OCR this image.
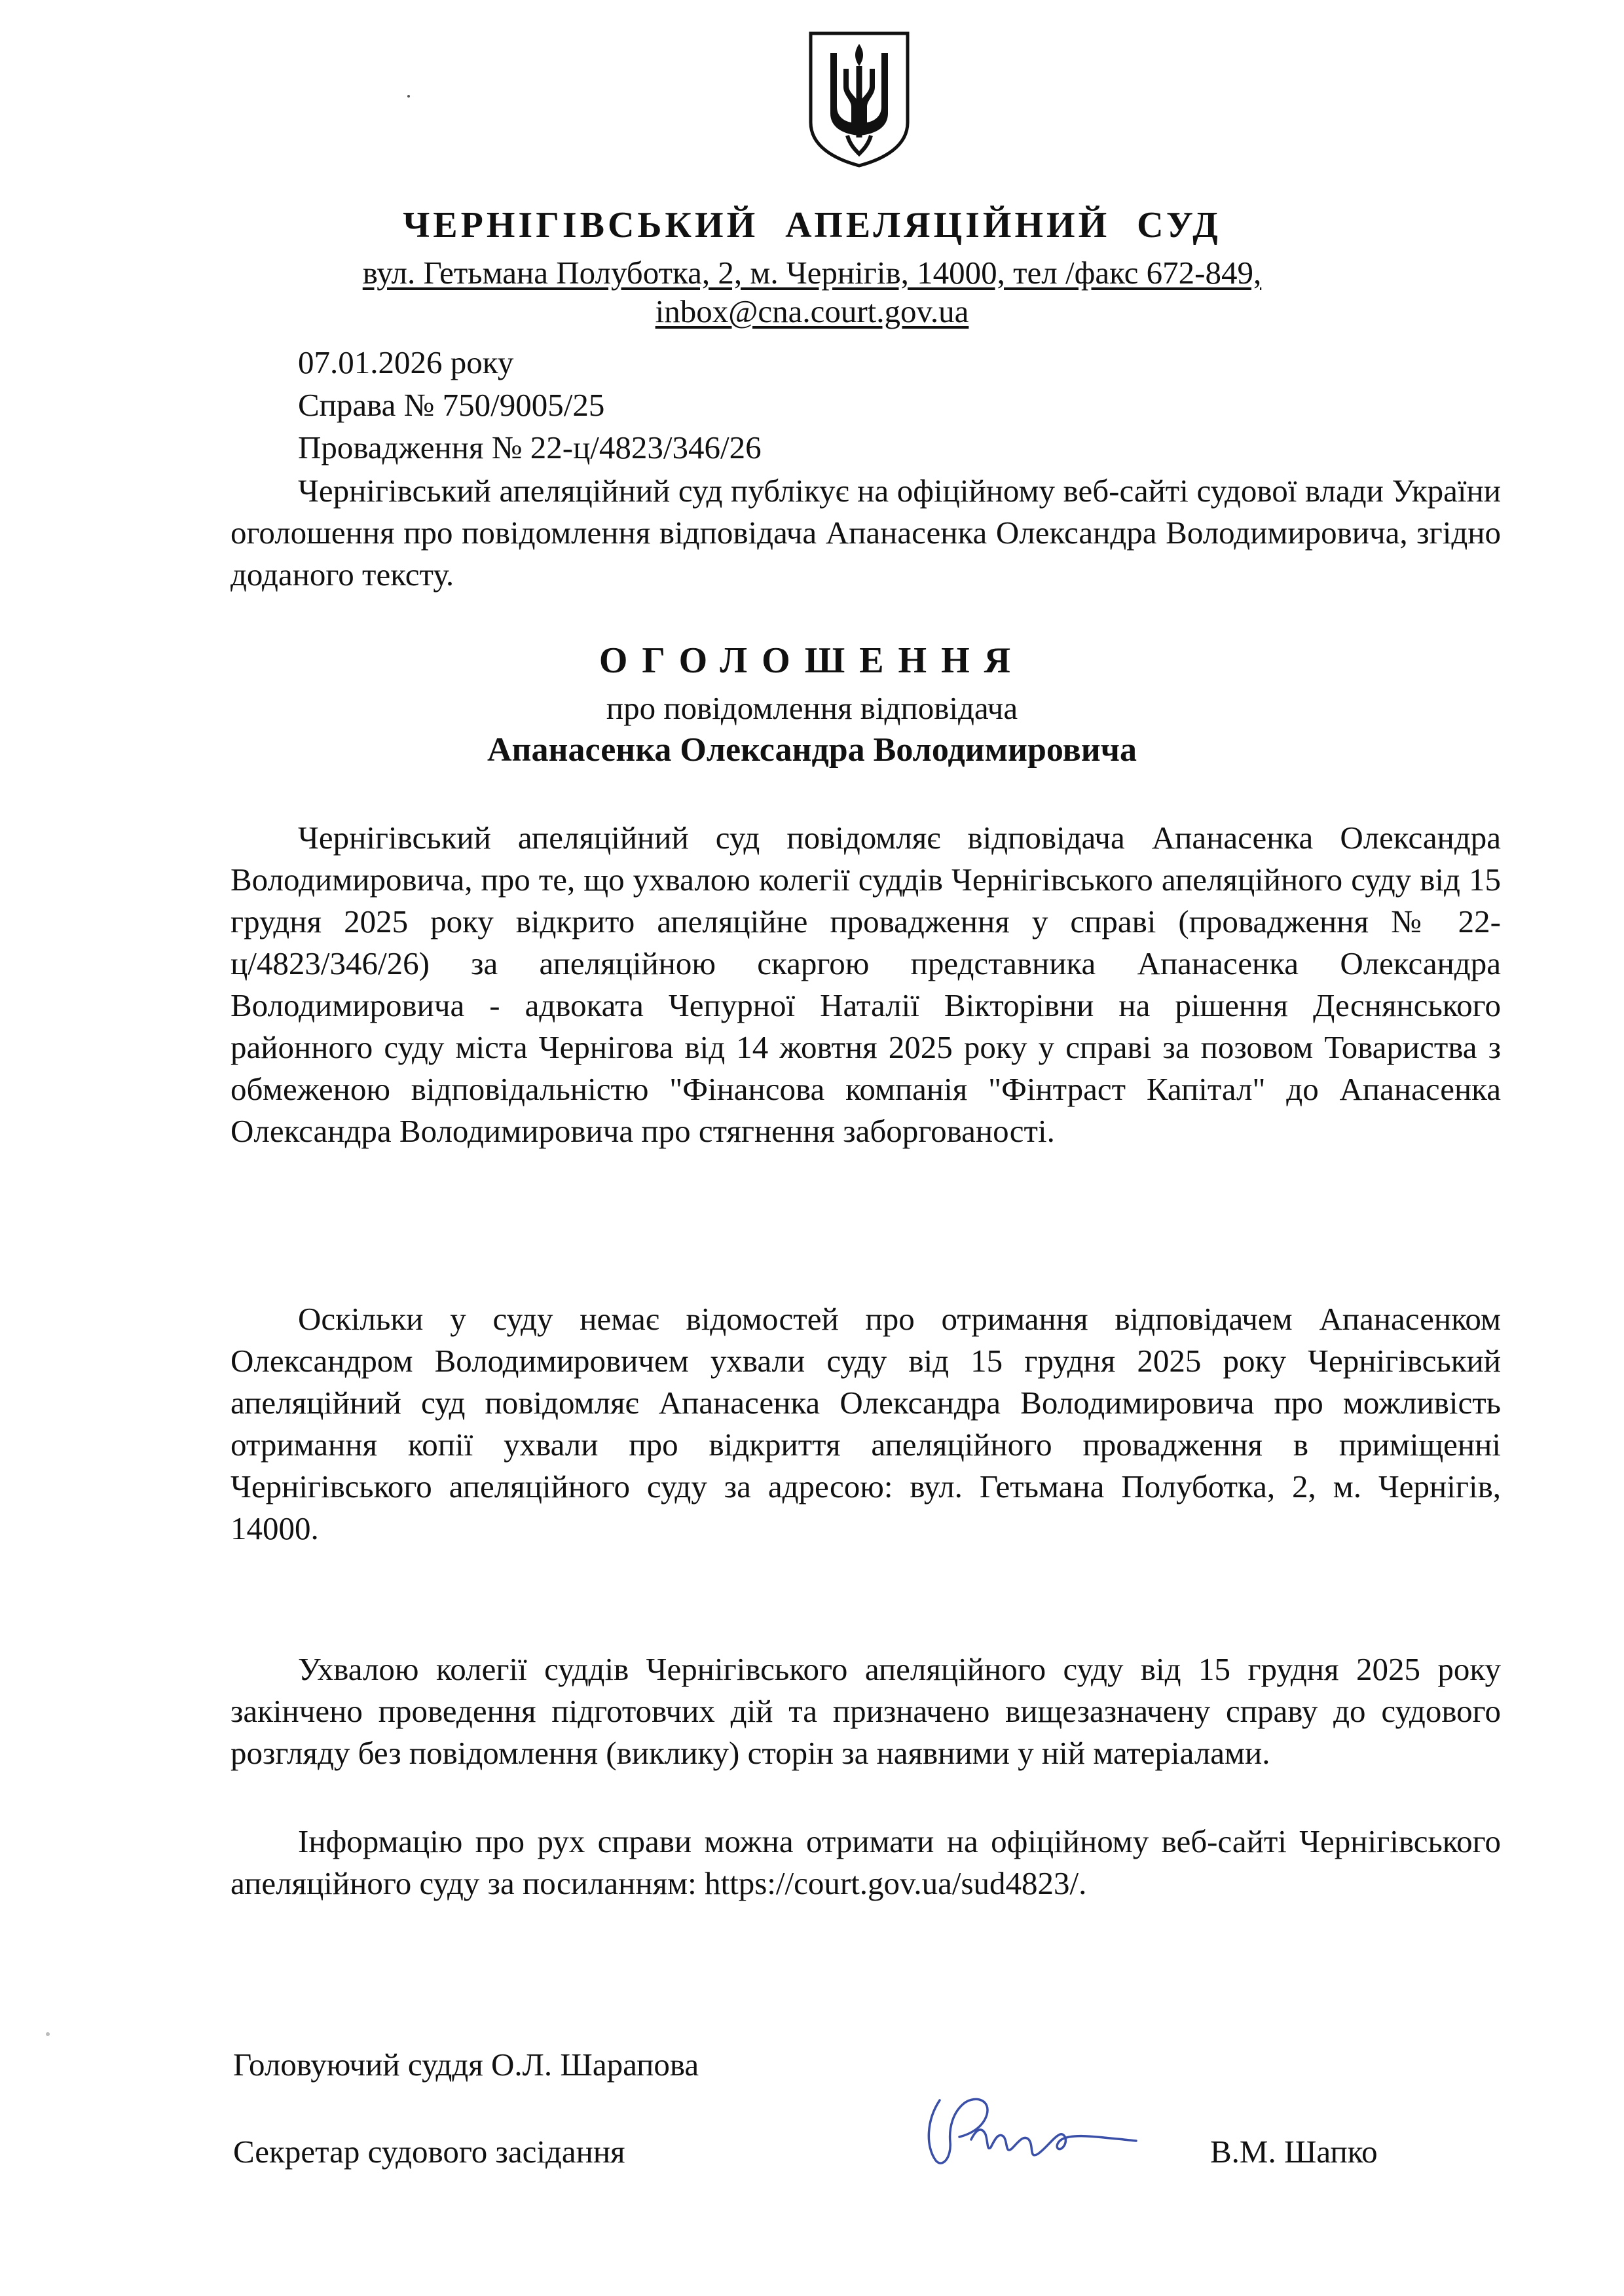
ЧЕРНІГІВСЬКИЙ АПЕЛЯЦІЙНИЙ СУД
вул. Гетьмана Полуботка, 2, м. Чернігів, 14000, тел /факс 672-849,
inbox@cna.court.gov.ua
07.01.2026 року
Справа № 750/9005/25
Провадження № 22-ц/4823/346/26

Чернігівський апеляційний суд публікує на офіційному веб-сайті судової влади України оголошення про повідомлення відповідача Апанасенка Олександра Володимировича, згідно доданого тексту.

ОГОЛОШЕННЯ
про повідомлення відповідача
Апанасенка Олександра Володимировича

Чернігівський апеляційний суд повідомляє відповідача Апанасенка Олександра Володимировича, про те, що ухвалою колегії суддів Чернігівського апеляційного суду від 15 грудня 2025 року відкрито апеляційне провадження у справі (провадження № 22-ц/4823/346/26) за апеляційною скаргою представника Апанасенка Олександра Володимировича - адвоката Чепурної Наталії Вікторівни на рішення Деснянського районного суду міста Чернігова від 14 жовтня 2025 року у справі за позовом Товариства з обмеженою відповідальністю "Фінансова компанія "Фінтраст Капітал" до Апанасенка Олександра Володимировича про стягнення заборгованості.

Оскільки у суду немає відомостей про отримання відповідачем Апанасенком Олександром Володимировичем ухвали суду від 15 грудня 2025 року Чернігівський апеляційний суд повідомляє Апанасенка Олександра Володимировича про можливість отримання копії ухвали про відкриття апеляційного провадження в приміщенні Чернігівського апеляційного суду за адресою: вул. Гетьмана Полуботка, 2, м. Чернігів, 14000.

Ухвалою колегії суддів Чернігівського апеляційного суду від 15 грудня 2025 року закінчено проведення підготовчих дій та призначено вищезазначену справу до судового розгляду без повідомлення (виклику) сторін за наявними у ній матеріалами.

Інформацію про рух справи можна отримати на офіційному веб-сайті Чернігівського апеляційного суду за посиланням: https://court.gov.ua/sud4823/.

Головуючий суддя О.Л. Шарапова
Секретар судового засідання	В.М. Шапко
